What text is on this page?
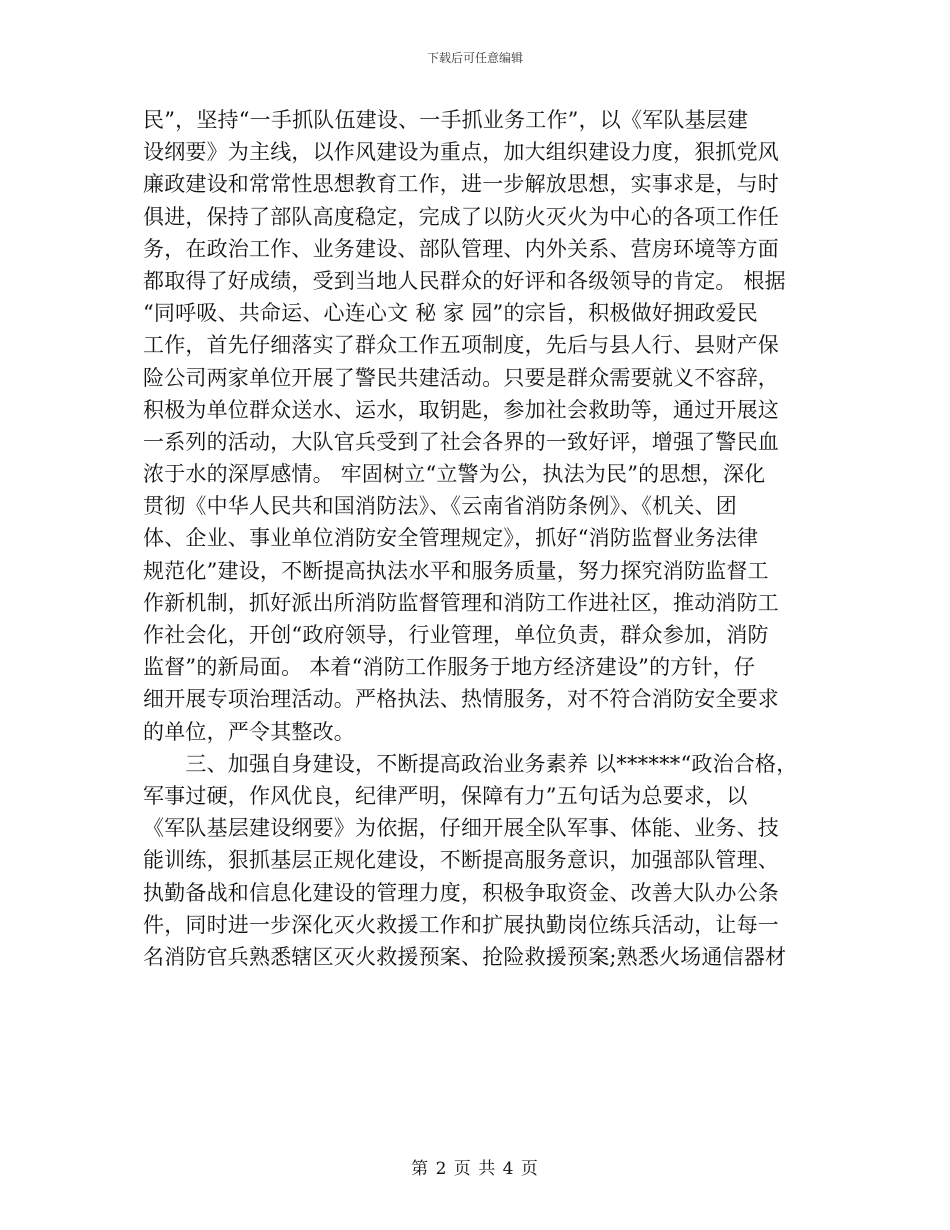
下载后可任意编辑
民”，坚持“一手抓队伍建设、一手抓业务工作”，以《军队基层建
设纲要》为主线，以作风建设为重点，加大组织建设力度，狠抓党风
廉政建设和常常性思想教育工作，进一步解放思想，实事求是，与时
俱进，保持了部队高度稳定，完成了以防火灭火为中心的各项工作任
务，在政治工作、业务建设、部队管理、内外关系、营房环境等方面
都取得了好成绩，受到当地人民群众的好评和各级领导的肯定。 根据
“同呼吸、共命运、心连心文 秘 家 园”的宗旨，积极做好拥政爱民
工作，首先仔细落实了群众工作五项制度，先后与县人行、县财产保
险公司两家单位开展了警民共建活动。只要是群众需要就义不容辞，
积极为单位群众送水、运水，取钥匙，参加社会救助等，通过开展这
一系列的活动，大队官兵受到了社会各界的一致好评，增强了警民血
浓于水的深厚感情。 牢固树立“立警为公，执法为民”的思想，深化
贯彻《中华人民共和国消防法》、《云南省消防条例》、《机关、团
体、企业、事业单位消防安全管理规定》，抓好“消防监督业务法律
规范化”建设，不断提高执法水平和服务质量，努力探究消防监督工
作新机制，抓好派出所消防监督管理和消防工作进社区，推动消防工
作社会化，开创“政府领导，行业管理，单位负责，群众参加，消防
监督”的新局面。 本着“消防工作服务于地方经济建设”的方针，仔
细开展专项治理活动。严格执法、热情服务，对不符合消防安全要求
的单位，严令其整改。
　　三、加强自身建设，不断提高政治业务素养 以******“政治合格，
军事过硬，作风优良，纪律严明，保障有力”五句话为总要求，以
《军队基层建设纲要》为依据，仔细开展全队军事、体能、业务、技
能训练，狠抓基层正规化建设，不断提高服务意识，加强部队管理、
执勤备战和信息化建设的管理力度，积极争取资金、改善大队办公条
件，同时进一步深化灭火救援工作和扩展执勤岗位练兵活动，让每一
名消防官兵熟悉辖区灭火救援预案、抢险救援预案;熟悉火场通信器材
第 2 页 共 4 页
